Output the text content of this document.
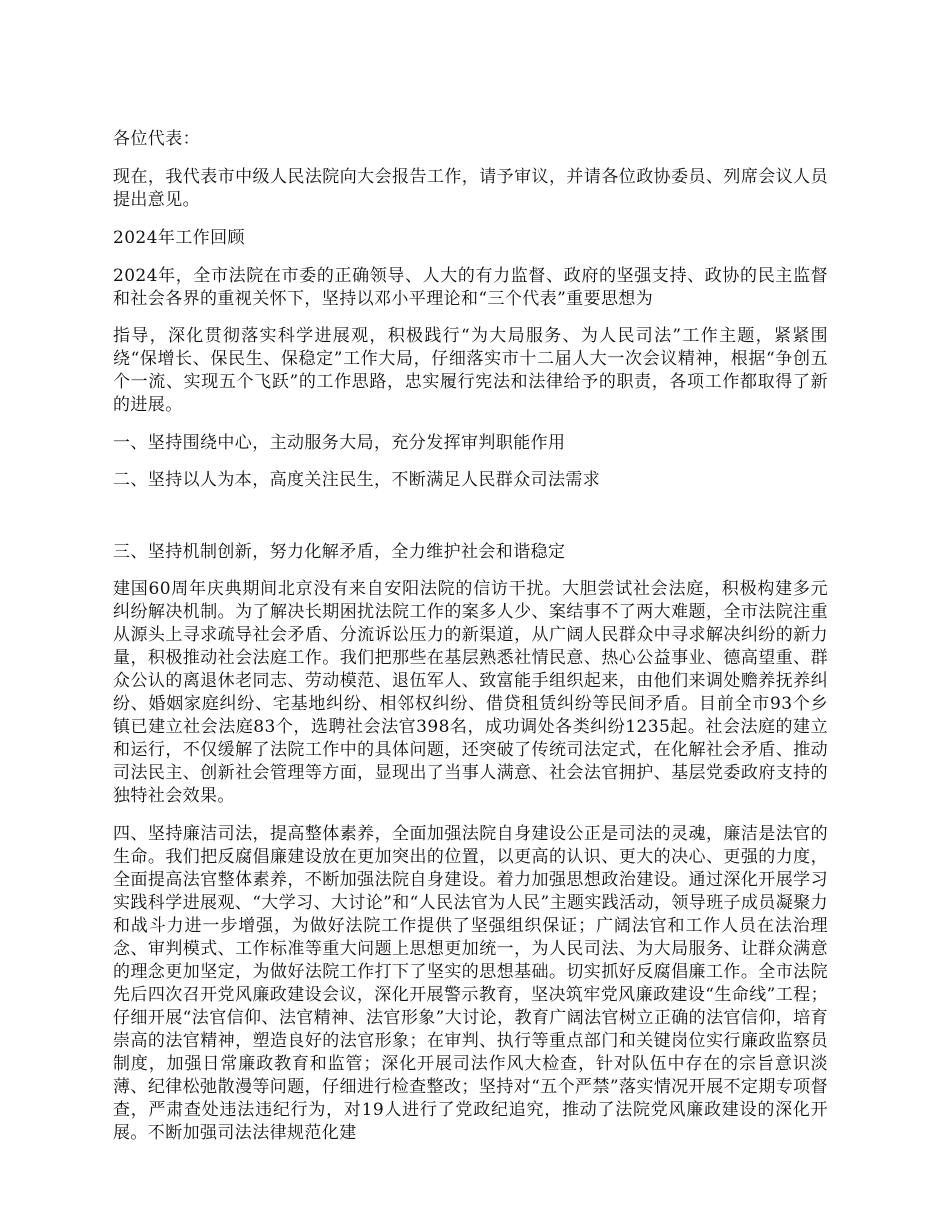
各位代表：

现在，我代表市中级人民法院向大会报告工作，请予审议，并请各位政协委员、列席会议人员提出意见。

2024年工作回顾

2024年，全市法院在市委的正确领导、人大的有力监督、政府的坚强支持、政协的民主监督和社会各界的重视关怀下，坚持以邓小平理论和“三个代表”重要思想为

指导，深化贯彻落实科学进展观，积极践行“为大局服务、为人民司法”工作主题，紧紧围绕“保增长、保民生、保稳定”工作大局，仔细落实市十二届人大一次会议精神，根据“争创五个一流、实现五个飞跃”的工作思路，忠实履行宪法和法律给予的职责，各项工作都取得了新的进展。

一、坚持围绕中心，主动服务大局，充分发挥审判职能作用

二、坚持以人为本，高度关注民生，不断满足人民群众司法需求

三、坚持机制创新，努力化解矛盾，全力维护社会和谐稳定

建国60周年庆典期间北京没有来自安阳法院的信访干扰。大胆尝试社会法庭，积极构建多元纠纷解决机制。为了解决长期困扰法院工作的案多人少、案结事不了两大难题，全市法院注重从源头上寻求疏导社会矛盾、分流诉讼压力的新渠道，从广阔人民群众中寻求解决纠纷的新力量，积极推动社会法庭工作。我们把那些在基层熟悉社情民意、热心公益事业、德高望重、群众公认的离退休老同志、劳动模范、退伍军人、致富能手组织起来，由他们来调处赡养抚养纠纷、婚姻家庭纠纷、宅基地纠纷、相邻权纠纷、借贷租赁纠纷等民间矛盾。目前全市93个乡镇已建立社会法庭83个，选聘社会法官398名，成功调处各类纠纷1235起。社会法庭的建立和运行，不仅缓解了法院工作中的具体问题，还突破了传统司法定式，在化解社会矛盾、推动司法民主、创新社会管理等方面，显现出了当事人满意、社会法官拥护、基层党委政府支持的独特社会效果。

四、坚持廉洁司法，提高整体素养，全面加强法院自身建设公正是司法的灵魂，廉洁是法官的生命。我们把反腐倡廉建设放在更加突出的位置，以更高的认识、更大的决心、更强的力度，全面提高法官整体素养，不断加强法院自身建设。着力加强思想政治建设。通过深化开展学习实践科学进展观、“大学习、大讨论”和“人民法官为人民”主题实践活动，领导班子成员凝聚力和战斗力进一步增强，为做好法院工作提供了坚强组织保证；广阔法官和工作人员在法治理念、审判模式、工作标准等重大问题上思想更加统一，为人民司法、为大局服务、让群众满意的理念更加坚定，为做好法院工作打下了坚实的思想基础。切实抓好反腐倡廉工作。全市法院先后四次召开党风廉政建设会议，深化开展警示教育，坚决筑牢党风廉政建设“生命线”工程；仔细开展“法官信仰、法官精神、法官形象”大讨论，教育广阔法官树立正确的法官信仰，培育崇高的法官精神，塑造良好的法官形象；在审判、执行等重点部门和关键岗位实行廉政监察员制度，加强日常廉政教育和监管；深化开展司法作风大检查，针对队伍中存在的宗旨意识淡薄、纪律松弛散漫等问题，仔细进行检查整改；坚持对“五个严禁”落实情况开展不定期专项督查，严肃查处违法违纪行为，对19人进行了党政纪追究，推动了法院党风廉政建设的深化开展。不断加强司法法律规范化建
